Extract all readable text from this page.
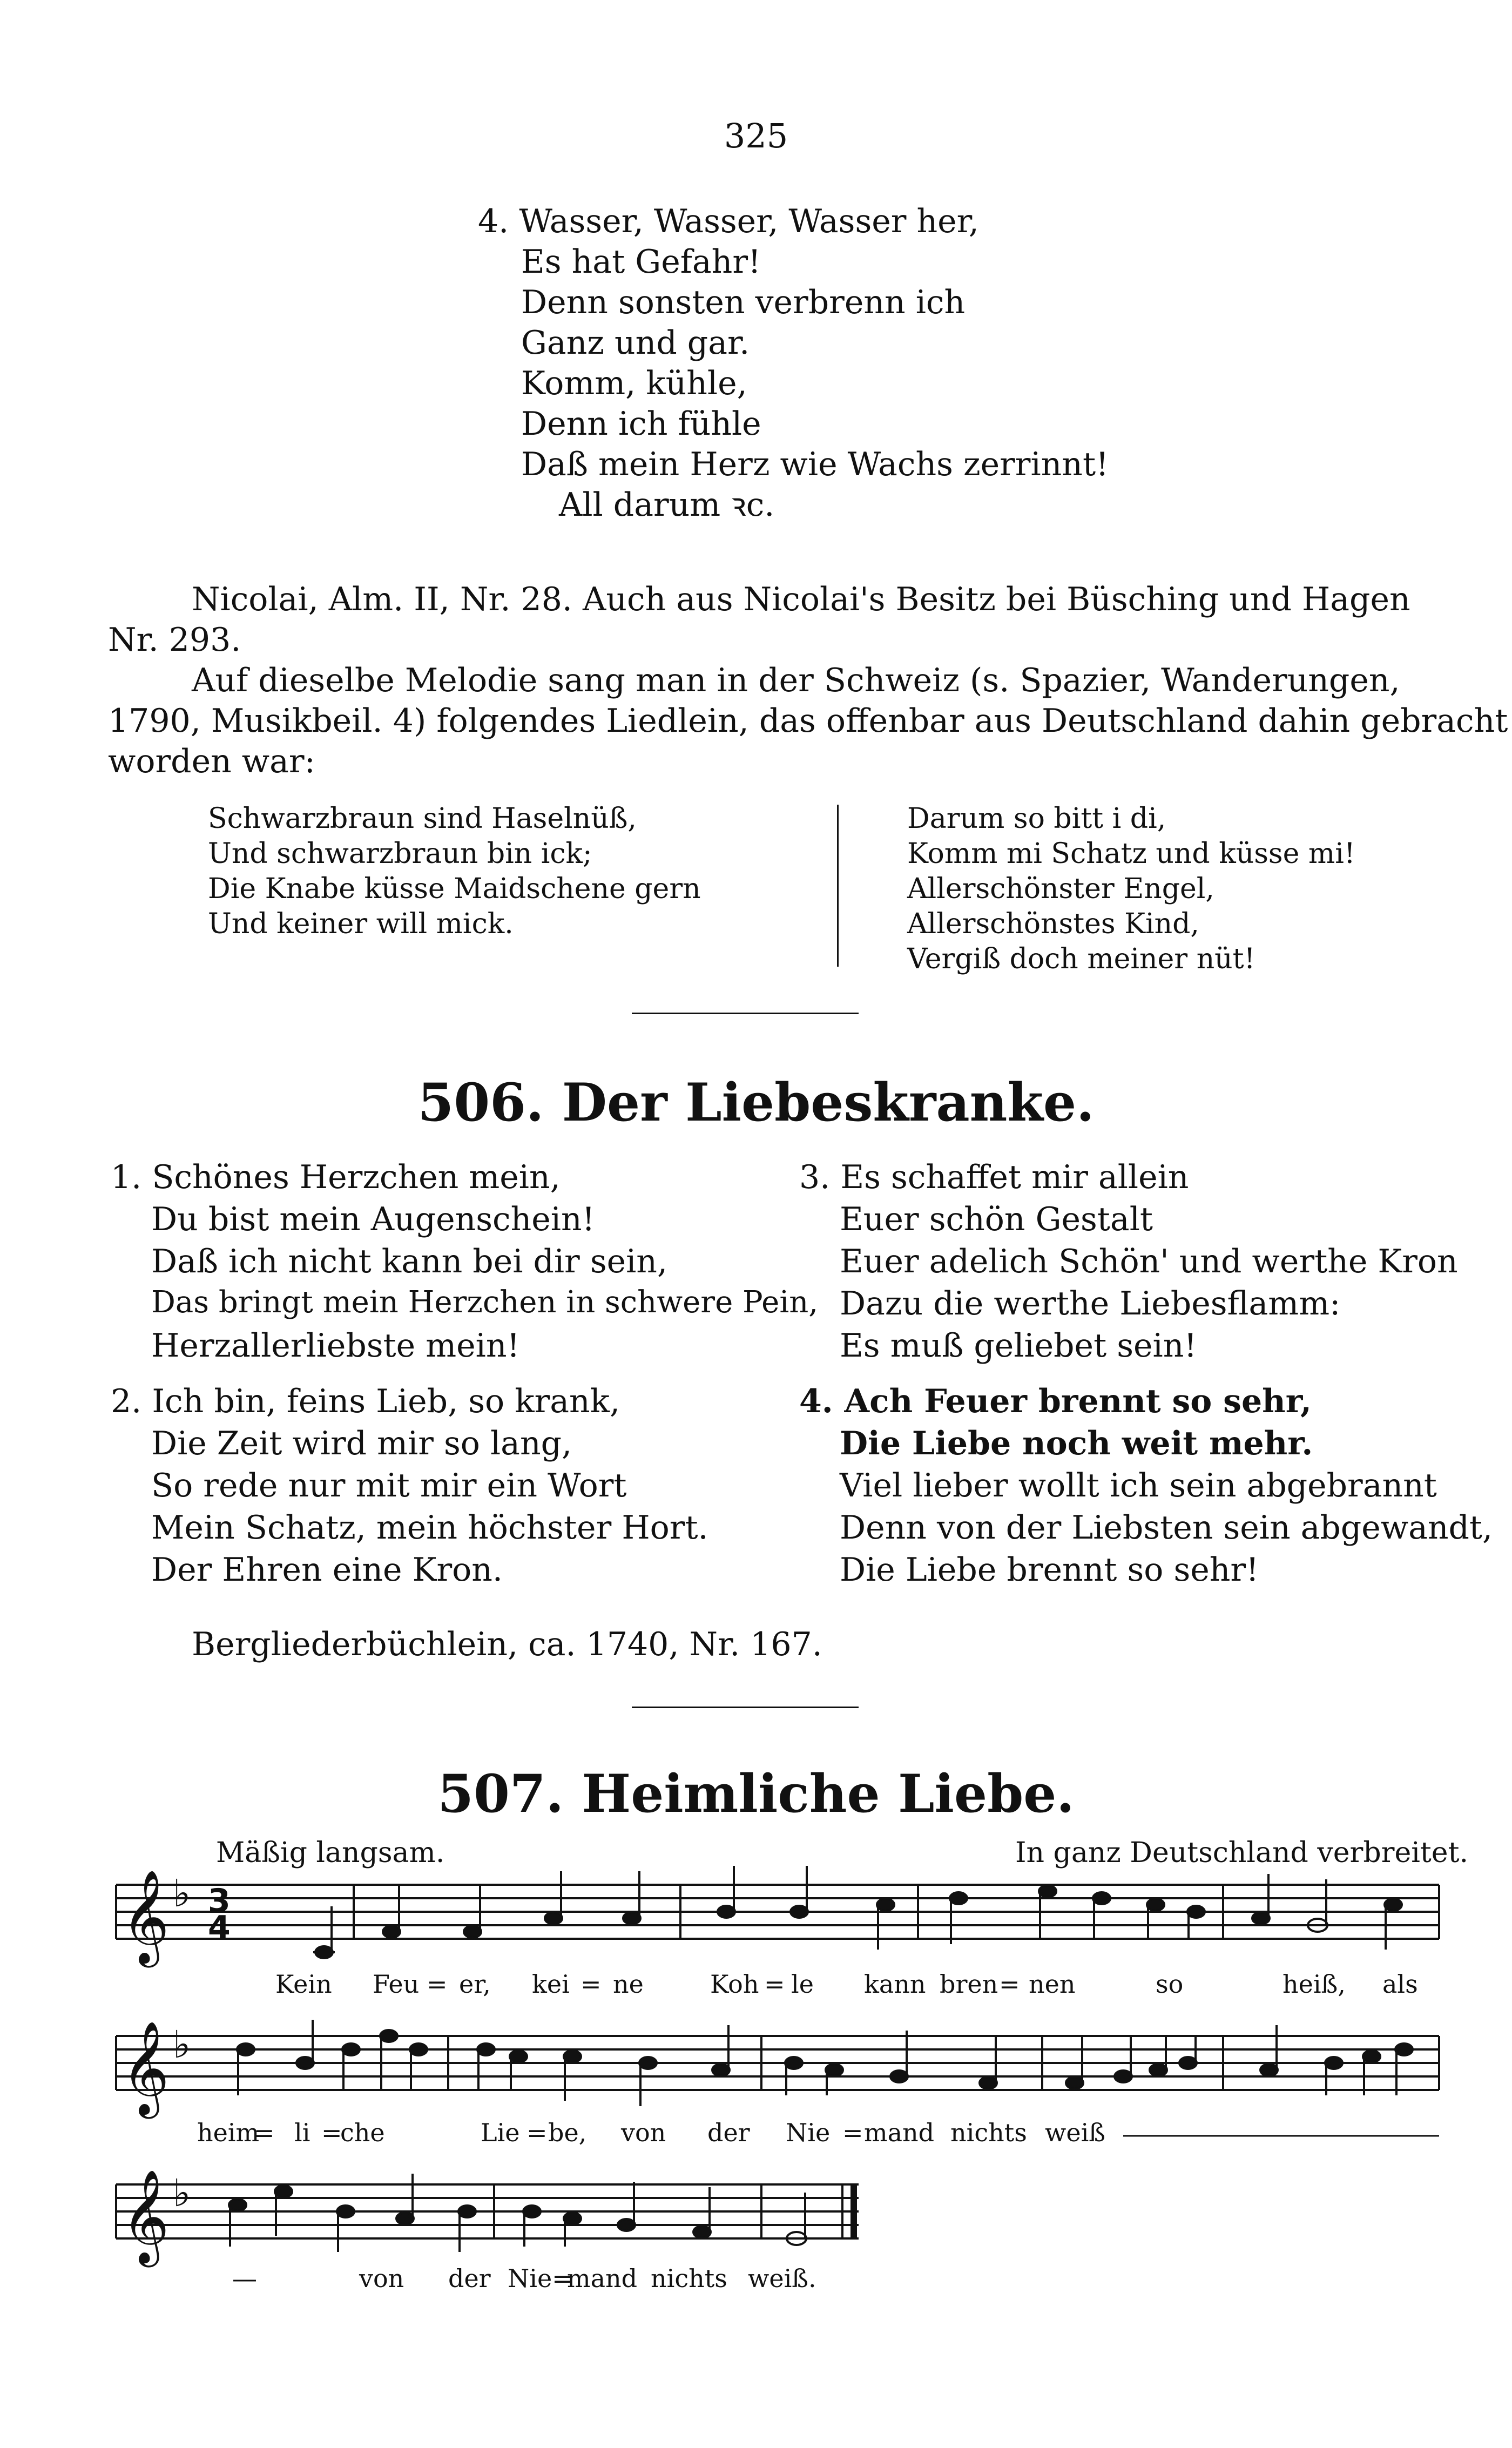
325
4. Wasser, Wasser, Wasser her,
Es hat Gefahr!
Denn sonsten verbrenn ich
Ganz und gar.
Komm, kühle,
Denn ich fühle
Daß mein Herz wie Wachs zerrinnt!
All darum ꝛc.
Nicolai, Alm. II, Nr. 28. Auch aus Nicolai's Besitz bei Büsching und Hagen
Nr. 293.
Auf dieselbe Melodie sang man in der Schweiz (s. Spazier, Wanderungen,
1790, Musikbeil. 4) folgendes Liedlein, das offenbar aus Deutschland dahin gebracht
worden war:
Schwarzbraun sind Haselnüß,
Und schwarzbraun bin ick;
Die Knabe küsse Maidschene gern
Und keiner will mick.
Darum so bitt i di,
Komm mi Schatz und küsse mi!
Allerschönster Engel,
Allerschönstes Kind,
Vergiß doch meiner nüt!
506. Der Liebeskranke.
1. Schönes Herzchen mein,
Du bist mein Augenschein!
Daß ich nicht kann bei dir sein,
Das bringt mein Herzchen in schwere Pein,
Herzallerliebste mein!
2. Ich bin, feins Lieb, so krank,
Die Zeit wird mir so lang,
So rede nur mit mir ein Wort
Mein Schatz, mein höchster Hort.
Der Ehren eine Kron.
3. Es schaffet mir allein
Euer schön Gestalt
Euer adelich Schön' und werthe Kron
Dazu die werthe Liebesflamm:
Es muß geliebet sein!
4. Ach Feuer brennt so sehr,
Die Liebe noch weit mehr.
Viel lieber wollt ich sein abgebrannt
Denn von der Liebsten sein abgewandt,
Die Liebe brennt so sehr!
Bergliederbüchlein, ca. 1740, Nr. 167.
507. Heimliche Liebe.
Mäßig langsam.	In ganz Deutschland verbreitet.
𝄞
𝄞
𝄞
♭
♭
♭
3
4
Kein Feu = er, kei = ne	Koh = le kann bren = nen	so	heiß, als
heim
= li =
che	Lie = be, von der Nie = mand nichts weiß
—	von der Nie=
mand nichts weiß.
